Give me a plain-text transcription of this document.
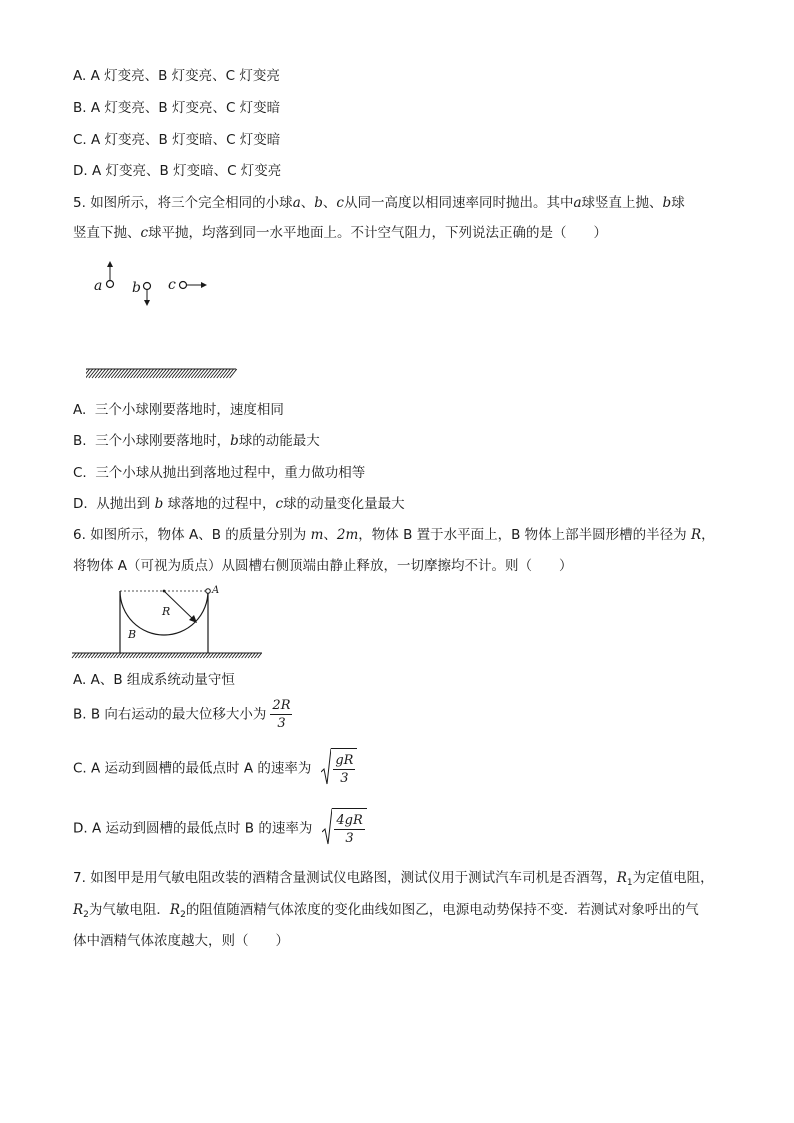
A. A 灯变亮、B 灯变亮、C 灯变亮
B. A 灯变亮、B 灯变亮、C 灯变暗
C. A 灯变亮、B 灯变暗、C 灯变暗
D. A 灯变亮、B 灯变暗、C 灯变亮
5. 如图所示，将三个完全相同的小球a、b、c从同一高度以相同速率同时抛出。其中a球竖直上抛、b球
竖直下抛、c球平抛，均落到同一水平地面上。不计空气阻力，下列说法正确的是（　　）
a b c
A. 三个小球刚要落地时，速度相同
B. 三个小球刚要落地时，b球的动能最大
C. 三个小球从抛出到落地过程中，重力做功相等
D. 从抛出到 b 球落地的过程中，c球的动量变化量最大
6. 如图所示，物体 A、B 的质量分别为 m、2m，物体 B 置于水平面上，B 物体上部半圆形槽的半径为 R，
将物体 A（可视为质点）从圆槽右侧顶端由静止释放，一切摩擦均不计。则（　　）
R
B
A
A. A、B 组成系统动量守恒
B. B 向右运动的最大位移大小为 $\frac{2R}{3}$
C. A 运动到圆槽的最低点时 A 的速率为 $\frac{gR}{3}$
D. A 运动到圆槽的最低点时 B 的速率为 $\frac{4gR}{3}$
7. 如图甲是用气敏电阻改装的酒精含量测试仪电路图，测试仪用于测试汽车司机是否酒驾，$R_1$为定值电阻，
$R_2$为气敏电阻．$R_2$的阻值随酒精气体浓度的变化曲线如图乙，电源电动势保持不变．若测试对象呼出的气
体中酒精气体浓度越大，则（　　）
